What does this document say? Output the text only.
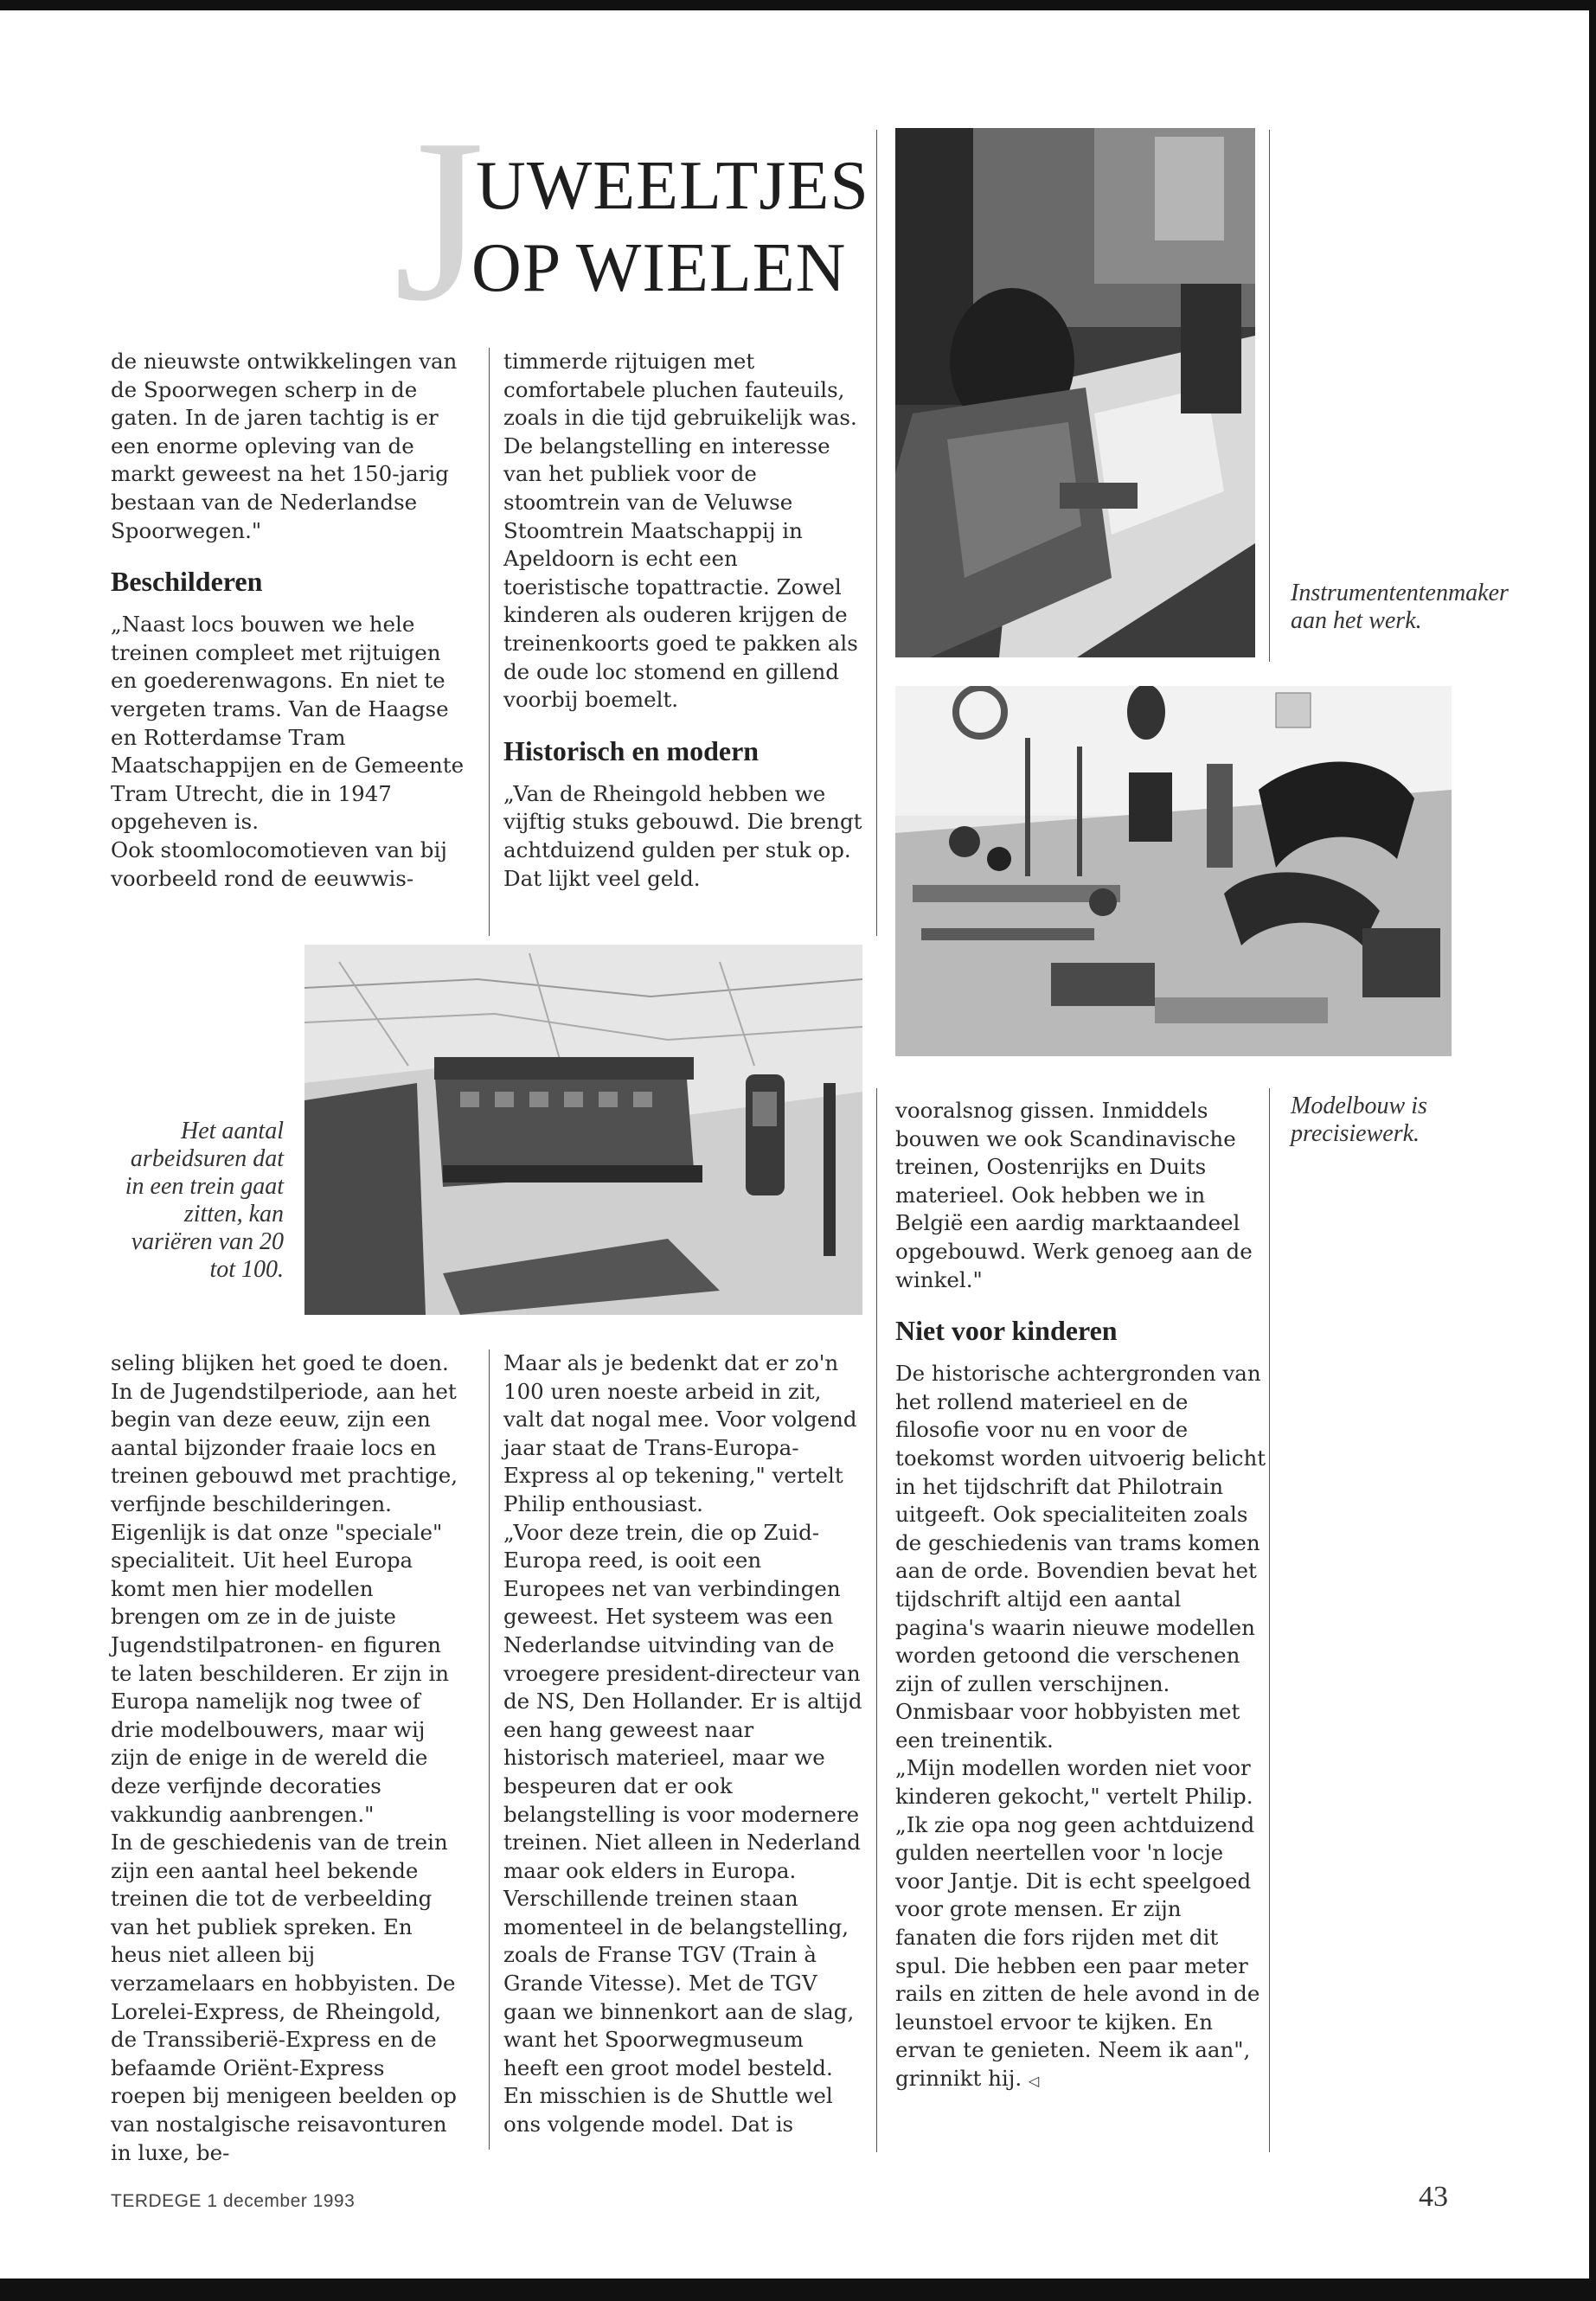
J
UWEELTJES
OP WIELEN

de nieuwste ontwikkelingen van de Spoorwegen scherp in de gaten. In de jaren tachtig is er een enorme opleving van de markt geweest na het 150-jarig bestaan van de Nederlandse Spoorwegen."

Beschilderen

„Naast locs bouwen we hele treinen compleet met rijtuigen en goederenwagons. En niet te vergeten trams. Van de Haagse en Rotterdamse Tram Maatschappijen en de Gemeente Tram Utrecht, die in 1947 opgeheven is.

Ook stoomlocomotieven van bij voorbeeld rond de eeuwwis-

timmerde rijtuigen met comfortabele pluchen fauteuils, zoals in die tijd gebruikelijk was. De belangstelling en interesse van het publiek voor de stoomtrein van de Veluwse Stoomtrein Maatschappij in Apeldoorn is echt een toeristische topattractie. Zowel kinderen als ouderen krijgen de treinenkoorts goed te pakken als de oude loc stomend en gillend voorbij boemelt.

Historisch en modern

„Van de Rheingold hebben we vijftig stuks gebouwd. Die brengt achtduizend gulden per stuk op. Dat lijkt veel geld.

Instrumententenmaker aan het werk.
Het aantal arbeidsuren dat in een trein gaat zitten, kan variëren van 20 tot 100.

vooralsnog gissen. Inmiddels bouwen we ook Scandinavische treinen, Oostenrijks en Duits materieel. Ook hebben we in België een aardig marktaandeel opgebouwd. Werk genoeg aan de winkel."

Niet voor kinderen

De historische achtergronden van het rollend materieel en de filosofie voor nu en voor de toekomst worden uitvoerig belicht in het tijdschrift dat Philotrain uitgeeft. Ook specialiteiten zoals de geschiedenis van trams komen aan de orde. Bovendien bevat het tijdschrift altijd een aantal pagina's waarin nieuwe modellen worden getoond die verschenen zijn of zullen verschijnen. Onmisbaar voor hobbyisten met een treinentik.

„Mijn modellen worden niet voor kinderen gekocht," vertelt Philip. „Ik zie opa nog geen achtduizend gulden neertellen voor 'n locje voor Jantje. Dit is echt speelgoed voor grote mensen. Er zijn fanaten die fors rijden met dit spul. Die hebben een paar meter rails en zitten de hele avond in de leunstoel ervoor te kijken. En ervan te genieten. Neem ik aan", grinnikt hij. ◁

Modelbouw is precisiewerk.

seling blijken het goed te doen. In de Jugendstilperiode, aan het begin van deze eeuw, zijn een aantal bijzonder fraaie locs en treinen gebouwd met prachtige, verfijnde beschilderingen. Eigenlijk is dat onze "speciale" specialiteit. Uit heel Europa komt men hier modellen brengen om ze in de juiste Jugendstilpatronen- en figuren te laten beschilderen. Er zijn in Europa namelijk nog twee of drie modelbouwers, maar wij zijn de enige in de wereld die deze verfijnde decoraties vakkundig aanbrengen."

In de geschiedenis van de trein zijn een aantal heel bekende treinen die tot de verbeelding van het publiek spreken. En heus niet alleen bij verzamelaars en hobbyisten. De Lorelei-Express, de Rheingold, de Transsiberië-Express en de befaamde Oriënt-Express roepen bij menigeen beelden op van nostalgische reisavonturen in luxe, be-

Maar als je bedenkt dat er zo'n 100 uren noeste arbeid in zit, valt dat nogal mee. Voor volgend jaar staat de Trans-Europa-Express al op tekening," vertelt Philip enthousiast.

„Voor deze trein, die op Zuid-Europa reed, is ooit een Europees net van verbindingen geweest. Het systeem was een Nederlandse uitvinding van de vroegere president-directeur van de NS, Den Hollander. Er is altijd een hang geweest naar historisch materieel, maar we bespeuren dat er ook belangstelling is voor modernere treinen. Niet alleen in Nederland maar ook elders in Europa. Verschillende treinen staan momenteel in de belangstelling, zoals de Franse TGV (Train à Grande Vitesse). Met de TGV gaan we binnenkort aan de slag, want het Spoorwegmuseum heeft een groot model besteld. En misschien is de Shuttle wel ons volgende model. Dat is

TERDEGE 1 december 1993	43
